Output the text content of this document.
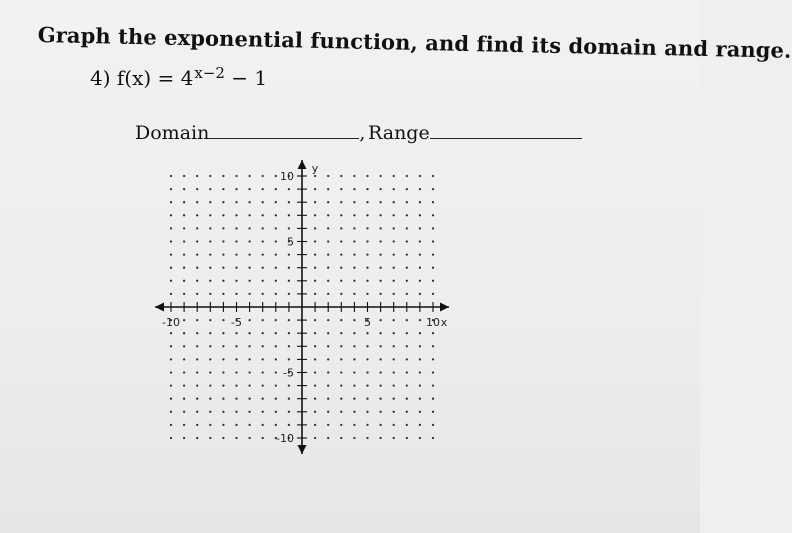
Graph the exponential function, and find its domain and range.
4) $f(x) = 4^{x-2} - 1$
Domain	, Range
-10	-5	5	10
10
5
-5
-10
x
y
